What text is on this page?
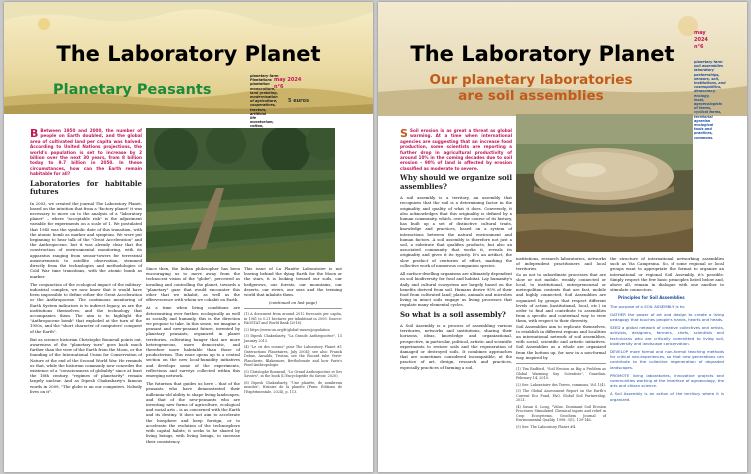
The Laboratory Planet
Planetary Peasants
may 2024
n°6
5 euros
planetary farm
Plantations
plantation
monoculture,
land grabbing,
modernisation
of agriculture,
cooperatives,
tractors,
artificial
life
moratorium,
cotton,

B Between 1950 and 2000, the number of people on Earth doubled, and the global area of cultivated land per capita was halved. According to United Nations projections, the world's population is set to increase by 2 billion over the next 30 years, from 8 billion today to 9.7 billion in 2050. In these circumstances, how can the Earth remain habitable for all?

Laboratories for habitable futures

In 2003, we created the journal The Laboratory Planet, based on the intuition that from a "factory planet" it was necessary to move on to the analysis of a "laboratory planet" – where "acceptable risk" is the adjustment variable for experiments on a scale of 1. We postulated that 1945 was the symbolic date of this transition, with the atomic bomb as marker and symptom. We were put beginning to hear talk of the "Great Acceleration" and the Anthropocene, but it was already clear that the construction of environmental monitoring, with its apparatus ranging from sensor-towers for terrestrial measurements to satellite observation, stemmed directly from the technologies and methodologies of Cold War time transitions, with the atomic bomb as marker.

The conjunction of the ecological impact of the military-industrial complex, we now know that it would have been impossible to define either the Great Acceleration or the Anthropocene. The continuous monitoring of Earth System indicators is to indirect legacy, as are the institutions themselves, and the technology that accompanies them. The aim is to highlight the "Anthropocene bomb" that exploded at the turn of the 1950s, and the "short character of computers' conquest of the Earth".

But as science historian Christophe Bonneuil points out, awareness of the "planetary turn" goes back much further than the view of the Earth from the Moon, or the founding of the International Union for Conservation of Nature at the end of the Second World War. He reminds us that, while the historian commonly now concedes the existence of a "consciousness of globality" since at least the 16th century, "regimes of planetarity" remain largely unclear. And as Dipesh Chakrabarty's famous words in 2009, "The globe is an our computers. Nobody lives on it".

Since then, the Indian philosopher has been encouraging us to move away from the technocrat vision of the "globe", perceived as invading and controlling the planet, towards a "planetary" gaze that would encounter this other that we inhabit, as well as the effervescence with whom we cohabit on Earth.

At a time when living conditions are deteriorating ever further, ecologically as well as socially and humanly, this is the direction we propose to take. In this sense, we imagine a peasant and new-peasant future, invented by planetary peasants, organized in planet territories, cultivating hunger that are more heterogeneous, more democratic, and therefore more habitable than those of productivism. This issue opens up to a central section on the new local-humidity initiatives and develops some of the experiments, reflections and surveys collected within this emerging network.

The futurism that guides us here – that of the peasants who have demonstrated their millennia-old ability to shape living landscapes, and that of the new-peasants who are inventing new forms of agriculture, ecological and social arts – is as concerned with the Earth and its destiny. It does not aim to accelerate the biosphere and keep foreign, or to accelerate the evolution of the technosphere with capital habits; it seeks to be shared by living beings, with living beings, to increase their consistency.

This issue of La Planète Laboratoire is not leaving behind the dying Earth for the Moon or the stars, it is looking toward our soils, our hedgerows, our forests, our mountains, our deserts, our rivers, our seas and the teeming world that inhabits them.

(continued on last page)

(1) A document from around 2012 forecasts per capita, in 1961 to 0.21 hectares per inhabitant in 2009. Source: FAOSTAT and World Bank (2016).
(2) https://www.un.org/fr/global-issues/population
(3) Dipesh Chakrabarty, "La Grande Anthropocène", 15 January 2013.
(4) "Le cri des oceans" pour The Laboratory Planet #1 (Interactions Planetaires, July 2004); see also: Franck Debue, Ansaldo, Tristan, see the Rocard tube Verte-Plancherie, Blakemore, Berthelemite and how Paris's Pinel-Anthropologie.
(5) Christophe Bonneuil, "Le Grand Anthropocène et Ses Savoirs", in the book (L'Encyclopédie du Savoir, 2020).
(6) Dipesh Chakrabarty, "Une planète, de nombreux mondes", Histoire de la planète (Paris: Éditions de l'Expérimentale, 2024), p. 113.
The Laboratory Planet
Our planetary laboratories are soil assemblies
may
2024
n°6
planetary farm
soil assemblies
laboratory
partnerships,
sensors, soil,
institutions, and
cosmopolitics,
democracy,
ecology,
local,
agroecologists
of farms,
cyclical farms,
territorial
agrarian
ecological
tools and
practices,
commons.

S Soil erosion is as great a threat as global warming. At a time when international agencies are suggesting that an increase food production, some scientists are reporting a further drop in agricultural productivity of around 10% in the coming decades due to soil erosion – 90% of land is affected by erosion classified as moderate to severe.

Why should we organize soil assemblies?

A soil assembly is a territory, an assembly that recognizes that the soil is a determining factor in the originality and quality of what it does. Conversely, it also acknowledges that this originality is defined by a human community, which, over the course of its history, has built up a set of distinctive cultural traits, knowledge and practices, based on a system of interactions between the natural environment and human factors. A soil assembly is therefore not just a soil, a substrate that qualifies products, but also an associated community that works it, reveals its originality and gives it its typicity. It's an artifact, the slow product of centuries of effort, marking the collective work of numerous companion species.

All surface-dwelling organisms are ultimately dependent on soil biodiversity for food and habitat. Lay humanity's daily and cultural ecosystem are largely based on the benefits derived from soil. Humans derive 95% of their food from cultivated land; plants, animals and microbes living in intact soils engage us living processes that regulate many elemental cycles.

So what is a soil assembly?

A Soil Assembly is a process of assembling various territories, networks and institutions, sharing their horizons, ideas, knowledge and organizational, prospective, in particular, political, artistic and scientific experiments to restore soils and the regeneration of damaged or destroyed soils. It combines approaches that are sometimes considered incompatible, at the practice of art, design, research and practices, especially practices of farming a soil.

institutions, research laboratories, networks of independent practitioners and local territories.
So as not to subordinate processes that are slow or not mobile, weakly connected or local, to institutional, entrepreneurial or metropolitan contexts that are fast, mobile and highly connected, Soil Assemblies are organized by groups that respect different levels of action (institutional, local, etc.) in order to find and contribute to assemblies from a specific and contextual way to view them, with respect to their diversity.
Soil Assemblies aim to replicate themselves, to establish in different regions and localities an international network of soil assemblies, with social, scientific and artistic initiatives. Soil Assemblies as a whole are organized from the bottom up, for now in a non-formal way, inspired by

(1) Tim Radford, "Soil Erosion as Big a Problem as Global Warming Say Scientists", Guardian, February 14, 2010.
(2) See: Laboratoire des Terres, commons, Vol. 1(4).
(3) The Global Assessment Report on the Earth's Current Eco Fund, FAO, Global Soil Partnership, 2021.
(4) Susan S. Long, "Value, Dominant Soil Erosion Processes Stimulated Chemical inputs and relief in Crop Ecosystems, Geochem Journal of Environmental Quality, 1998: 3(1), 139-146.
(5) See: The Laboratory Planet #4.

the structure of international networking assemblies such as Via Campesina. So, if some regional or local groups want to appropriate the format to organize an international or regional Soil Assembly, it's possible. Simply respect the few basic principles listed below and, above all, remain in dialogue with one another to stimulate connectors.

Principles for Soil Assemblies

The purpose of a SOIL ASSEMBLY is to:

GATHER the power of art and design to create a living pedagogy that touches people's hands, hearts and heads.

SEED a global network of creative collectives and artists, activists, designers, farmers, chefs, scientists and technicians who are critically committed to living soil, biodiversity and landscape conservation.

DEVELOP more formal and non-formal teaching methods for critical neo-experiences, so that new generations can contribute to the collective regeneration of degraded landscapes.

PROMOTE living laboratories, innovative projects and communities working at the interface of agroecology, the arts and citizen science.

A Soil Assembly is an action of the territory where it is organized.
